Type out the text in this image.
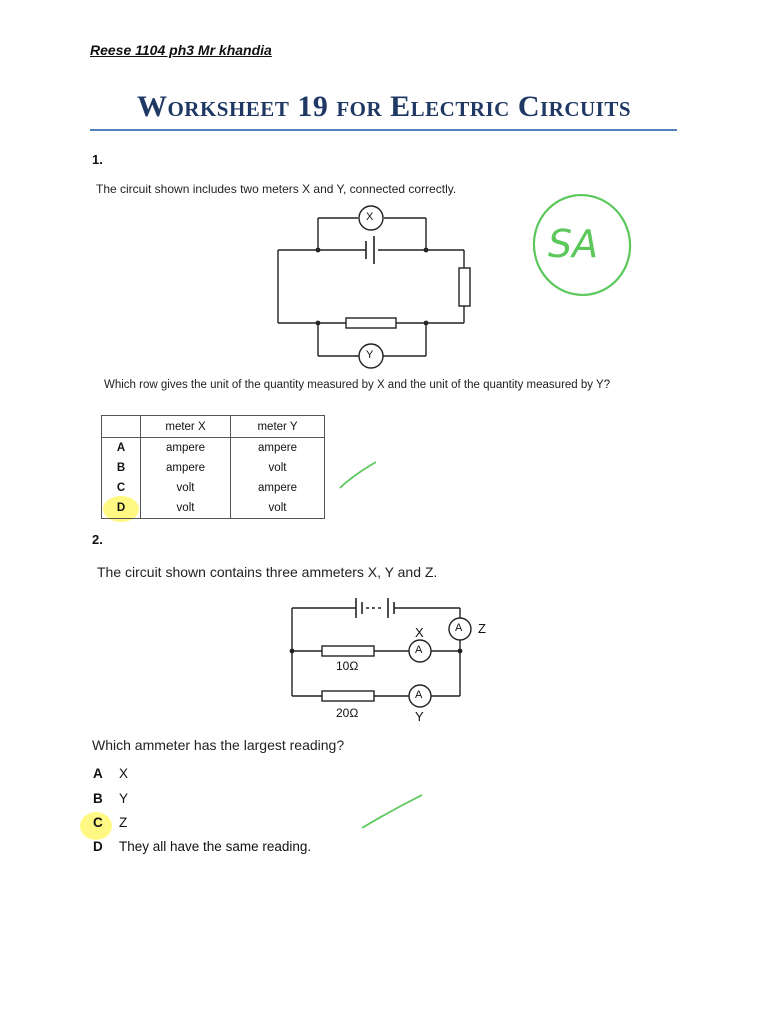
Reese 1104 ph3 Mr khandia
Worksheet 19 for Electric Circuits
1.
The circuit shown includes two meters X and Y, connected correctly.
SA
X
Y
Which row gives the unit of the quantity measured by X and the unit of the quantity measured by Y?
	meter X	meter Y
A	ampere	ampere
B	ampere	volt
C	volt	ampere
D	volt	volt
2.
The circuit shown contains three ammeters X, Y and Z.
A
A
A
Z
X
Y
10Ω
20Ω
Which ammeter has the largest reading?
A X
B Y
C Z
D They all have the same reading.
